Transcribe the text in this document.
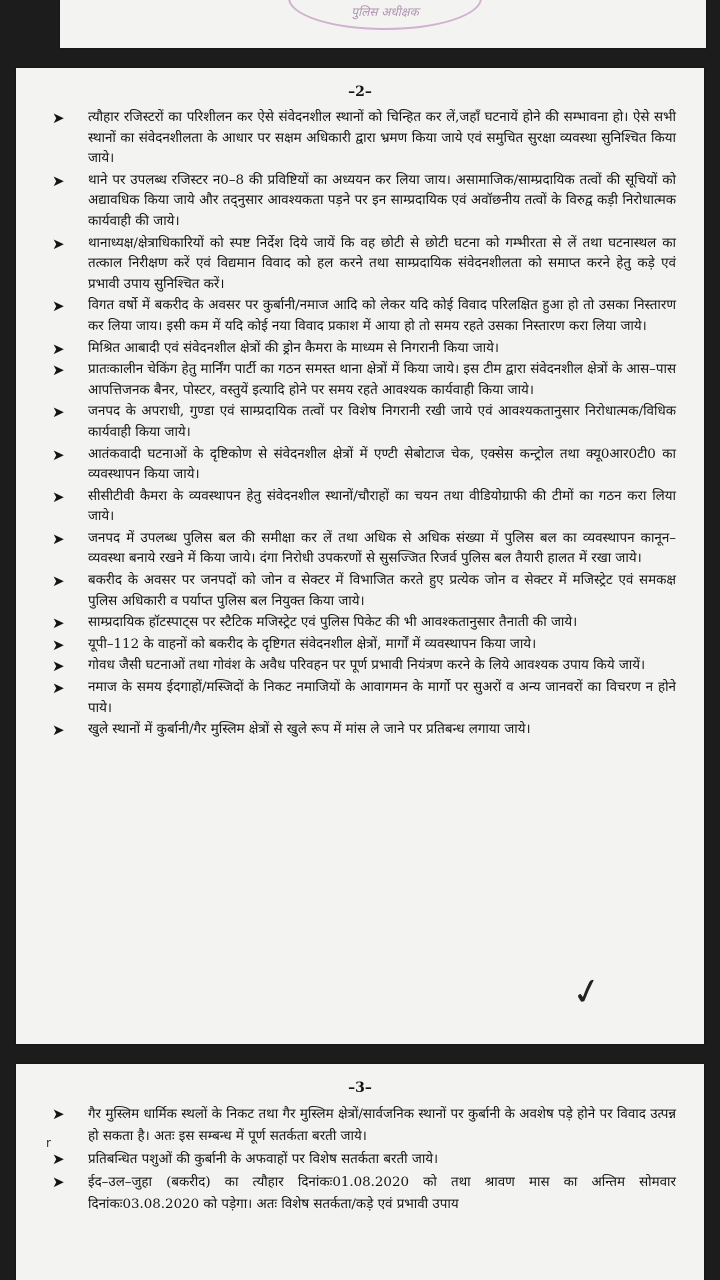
पुलिस अधीक्षक
–2–
➤ त्यौहार रजिस्टरों का परिशीलन कर ऐसे संवेदनशील स्थानों को चिन्हित कर लें,जहाँ घटनायें होने की सम्भावना हो। ऐसे सभी स्थानों का संवेदनशीलता के आधार पर सक्षम अधिकारी द्वारा भ्रमण किया जाये एवं समुचित सुरक्षा व्यवस्था सुनिश्चित किया जाये।
➤ थाने पर उपलब्ध रजिस्टर न0–8 की प्रविष्टियों का अध्ययन कर लिया जाय। असामाजिक/साम्प्रदायिक तत्वों की सूचियों को अद्यावधिक किया जाये और तद्नुसार आवश्यकता पड़ने पर इन साम्प्रदायिक एवं अवॉछनीय तत्वों के विरुद्व कड़ी निरोधात्मक कार्यवाही की जाये।
➤ थानाध्यक्ष/क्षेत्राधिकारियों को स्पष्ट निर्देश दिये जायें कि वह छोटी से छोटी घटना को गम्भीरता से लें तथा घटनास्थल का तत्काल निरीक्षण करें एवं विद्यमान विवाद को हल करने तथा साम्प्रदायिक संवेदनशीलता को समाप्त करने हेतु कड़े एवं प्रभावी उपाय सुनिश्चित करें।
➤ विगत वर्षो में बकरीद के अवसर पर कुर्बानी/नमाज आदि को लेकर यदि कोई विवाद परिलक्षित हुआ हो तो उसका निस्तारण कर लिया जाय। इसी कम में यदि कोई नया विवाद प्रकाश में आया हो तो समय रहते उसका निस्तारण करा लिया जाये।
➤ मिश्रित आबादी एवं संवेदनशील क्षेत्रों की ड्रोन कैमरा के माध्यम से निगरानी किया जाये।
➤ प्रातःकालीन चेकिंग हेतु मार्निंग पार्टी का गठन समस्त थाना क्षेत्रों में किया जाये। इस टीम द्वारा संवेदनशील क्षेत्रों के आस–पास आपत्तिजनक बैनर, पोस्टर, वस्तुयें इत्यादि होने पर समय रहते आवश्यक कार्यवाही किया जाये।
➤ जनपद के अपराधी, गुण्डा एवं साम्प्रदायिक तत्वों पर विशेष निगरानी रखी जाये एवं आवश्यकतानुसार निरोधात्मक/विधिक कार्यवाही किया जाये।
➤ आतंकवादी घटनाओं के दृष्टिकोण से संवेदनशील क्षेत्रों में एण्टी सेबोटाज चेक, एक्सेस कन्ट्रोल तथा क्यू0आर0टी0 का व्यवस्थापन किया जाये।
➤ सीसीटीवी कैमरा के व्यवस्थापन हेतु संवेदनशील स्थानों/चौराहों का चयन तथा वीडियोग्राफी की टीमों का गठन करा लिया जाये।
➤ जनपद में उपलब्ध पुलिस बल की समीक्षा कर लें तथा अधिक से अधिक संख्या में पुलिस बल का व्यवस्थापन कानून–व्यवस्था बनाये रखने में किया जाये। दंगा निरोधी उपकरणों से सुसज्जित रिजर्व पुलिस बल तैयारी हालत में रखा जाये।
➤ बकरीद के अवसर पर जनपदों को जोन व सेक्टर में विभाजित करते हुए प्रत्येक जोन व सेक्टर में मजिस्ट्रेट एवं समकक्ष पुलिस अधिकारी व पर्याप्त पुलिस बल नियुक्त किया जाये।
➤ साम्प्रदायिक हॉटस्पाट्स पर स्टैटिक मजिस्ट्रेट एवं पुलिस पिकेट की भी आवश्कतानुसार तैनाती की जाये।
➤ यूपी–112 के वाहनों को बकरीद के दृष्टिगत संवेदनशील क्षेत्रों, मार्गों में व्यवस्थापन किया जाये।
➤ गोवध जैसी घटनाओं तथा गोवंश के अवैध परिवहन पर पूर्ण प्रभावी नियंत्रण करने के लिये आवश्यक उपाय किये जायें।
➤ नमाज के समय ईदगाहों/मस्जिदों के निकट नमाजियों के आवागमन के मार्गो पर सुअरों व अन्य जानवरों का विचरण न होने पाये।
➤ खुले स्थानों में कुर्बानी/गैर मुस्लिम क्षेत्रों से खुले रूप में मांस ले जाने पर प्रतिबन्ध लगाया जाये।
✓
r
–3–
➤ गैर मुस्लिम धार्मिक स्थलों के निकट तथा गैर मुस्लिम क्षेत्रों/सार्वजनिक स्थानों पर कुर्बानी के अवशेष पड़े होने पर विवाद उत्पन्न हो सकता है। अतः इस सम्बन्ध में पूर्ण सतर्कता बरती जाये।
➤ प्रतिबन्धित पशुओं की कुर्बानी के अफवाहों पर विशेष सतर्कता बरती जाये।
➤ ईद–उल–जुहा (बकरीद) का त्यौहार दिनांकः01.08.2020 को तथा श्रावण मास का अन्तिम सोमवार दिनांकः03.08.2020 को पड़ेगा। अतः विशेष सतर्कता/कड़े एवं प्रभावी उपाय
